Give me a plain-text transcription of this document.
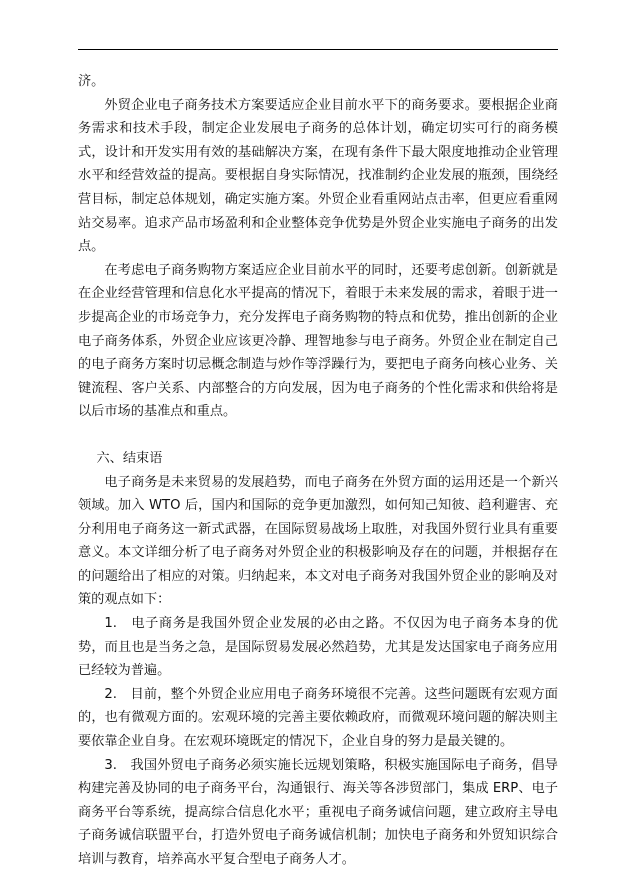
济。

外贸企业电子商务技术方案要适应企业目前水平下的商务要求。要根据企业商务需求和技术手段，制定企业发展电子商务的总体计划，确定切实可行的商务模式，设计和开发实用有效的基础解决方案，在现有条件下最大限度地推动企业管理水平和经营效益的提高。要根据自身实际情况，找准制约企业发展的瓶颈，围绕经营目标，制定总体规划，确定实施方案。外贸企业看重网站点击率，但更应看重网站交易率。追求产品市场盈利和企业整体竞争优势是外贸企业实施电子商务的出发点。

在考虑电子商务购物方案适应企业目前水平的同时，还要考虑创新。创新就是在企业经营管理和信息化水平提高的情况下，着眼于未来发展的需求，着眼于进一步提高企业的市场竞争力，充分发挥电子商务购物的特点和优势，推出创新的企业电子商务体系，外贸企业应该更冷静、理智地参与电子商务。外贸企业在制定自己的电子商务方案时切忌概念制造与炒作等浮躁行为，要把电子商务向核心业务、关键流程、客户关系、内部整合的方向发展，因为电子商务的个性化需求和供给将是以后市场的基准点和重点。

六、结束语

电子商务是未来贸易的发展趋势，而电子商务在外贸方面的运用还是一个新兴领域。加入 WTO 后，国内和国际的竞争更加激烈，如何知己知彼、趋利避害、充分利用电子商务这一新式武器，在国际贸易战场上取胜，对我国外贸行业具有重要意义。本文详细分析了电子商务对外贸企业的积极影响及存在的问题，并根据存在的问题给出了相应的对策。归纳起来，本文对电子商务对我国外贸企业的影响及对策的观点如下：

1.　电子商务是我国外贸企业发展的必由之路。不仅因为电子商务本身的优势，而且也是当务之急，是国际贸易发展必然趋势，尤其是发达国家电子商务应用已经较为普遍。

2.　目前，整个外贸企业应用电子商务环境很不完善。这些问题既有宏观方面的，也有微观方面的。宏观环境的完善主要依赖政府，而微观环境问题的解决则主要依靠企业自身。在宏观环境既定的情况下，企业自身的努力是最关键的。

3.　我国外贸电子商务必须实施长远规划策略，积极实施国际电子商务，倡导构建完善及协同的电子商务平台，沟通银行、海关等各涉贸部门，集成 ERP、电子商务平台等系统，提高综合信息化水平；重视电子商务诚信问题，建立政府主导电子商务诚信联盟平台，打造外贸电子商务诚信机制；加快电子商务和外贸知识综合培训与教育，培养高水平复合型电子商务人才。
